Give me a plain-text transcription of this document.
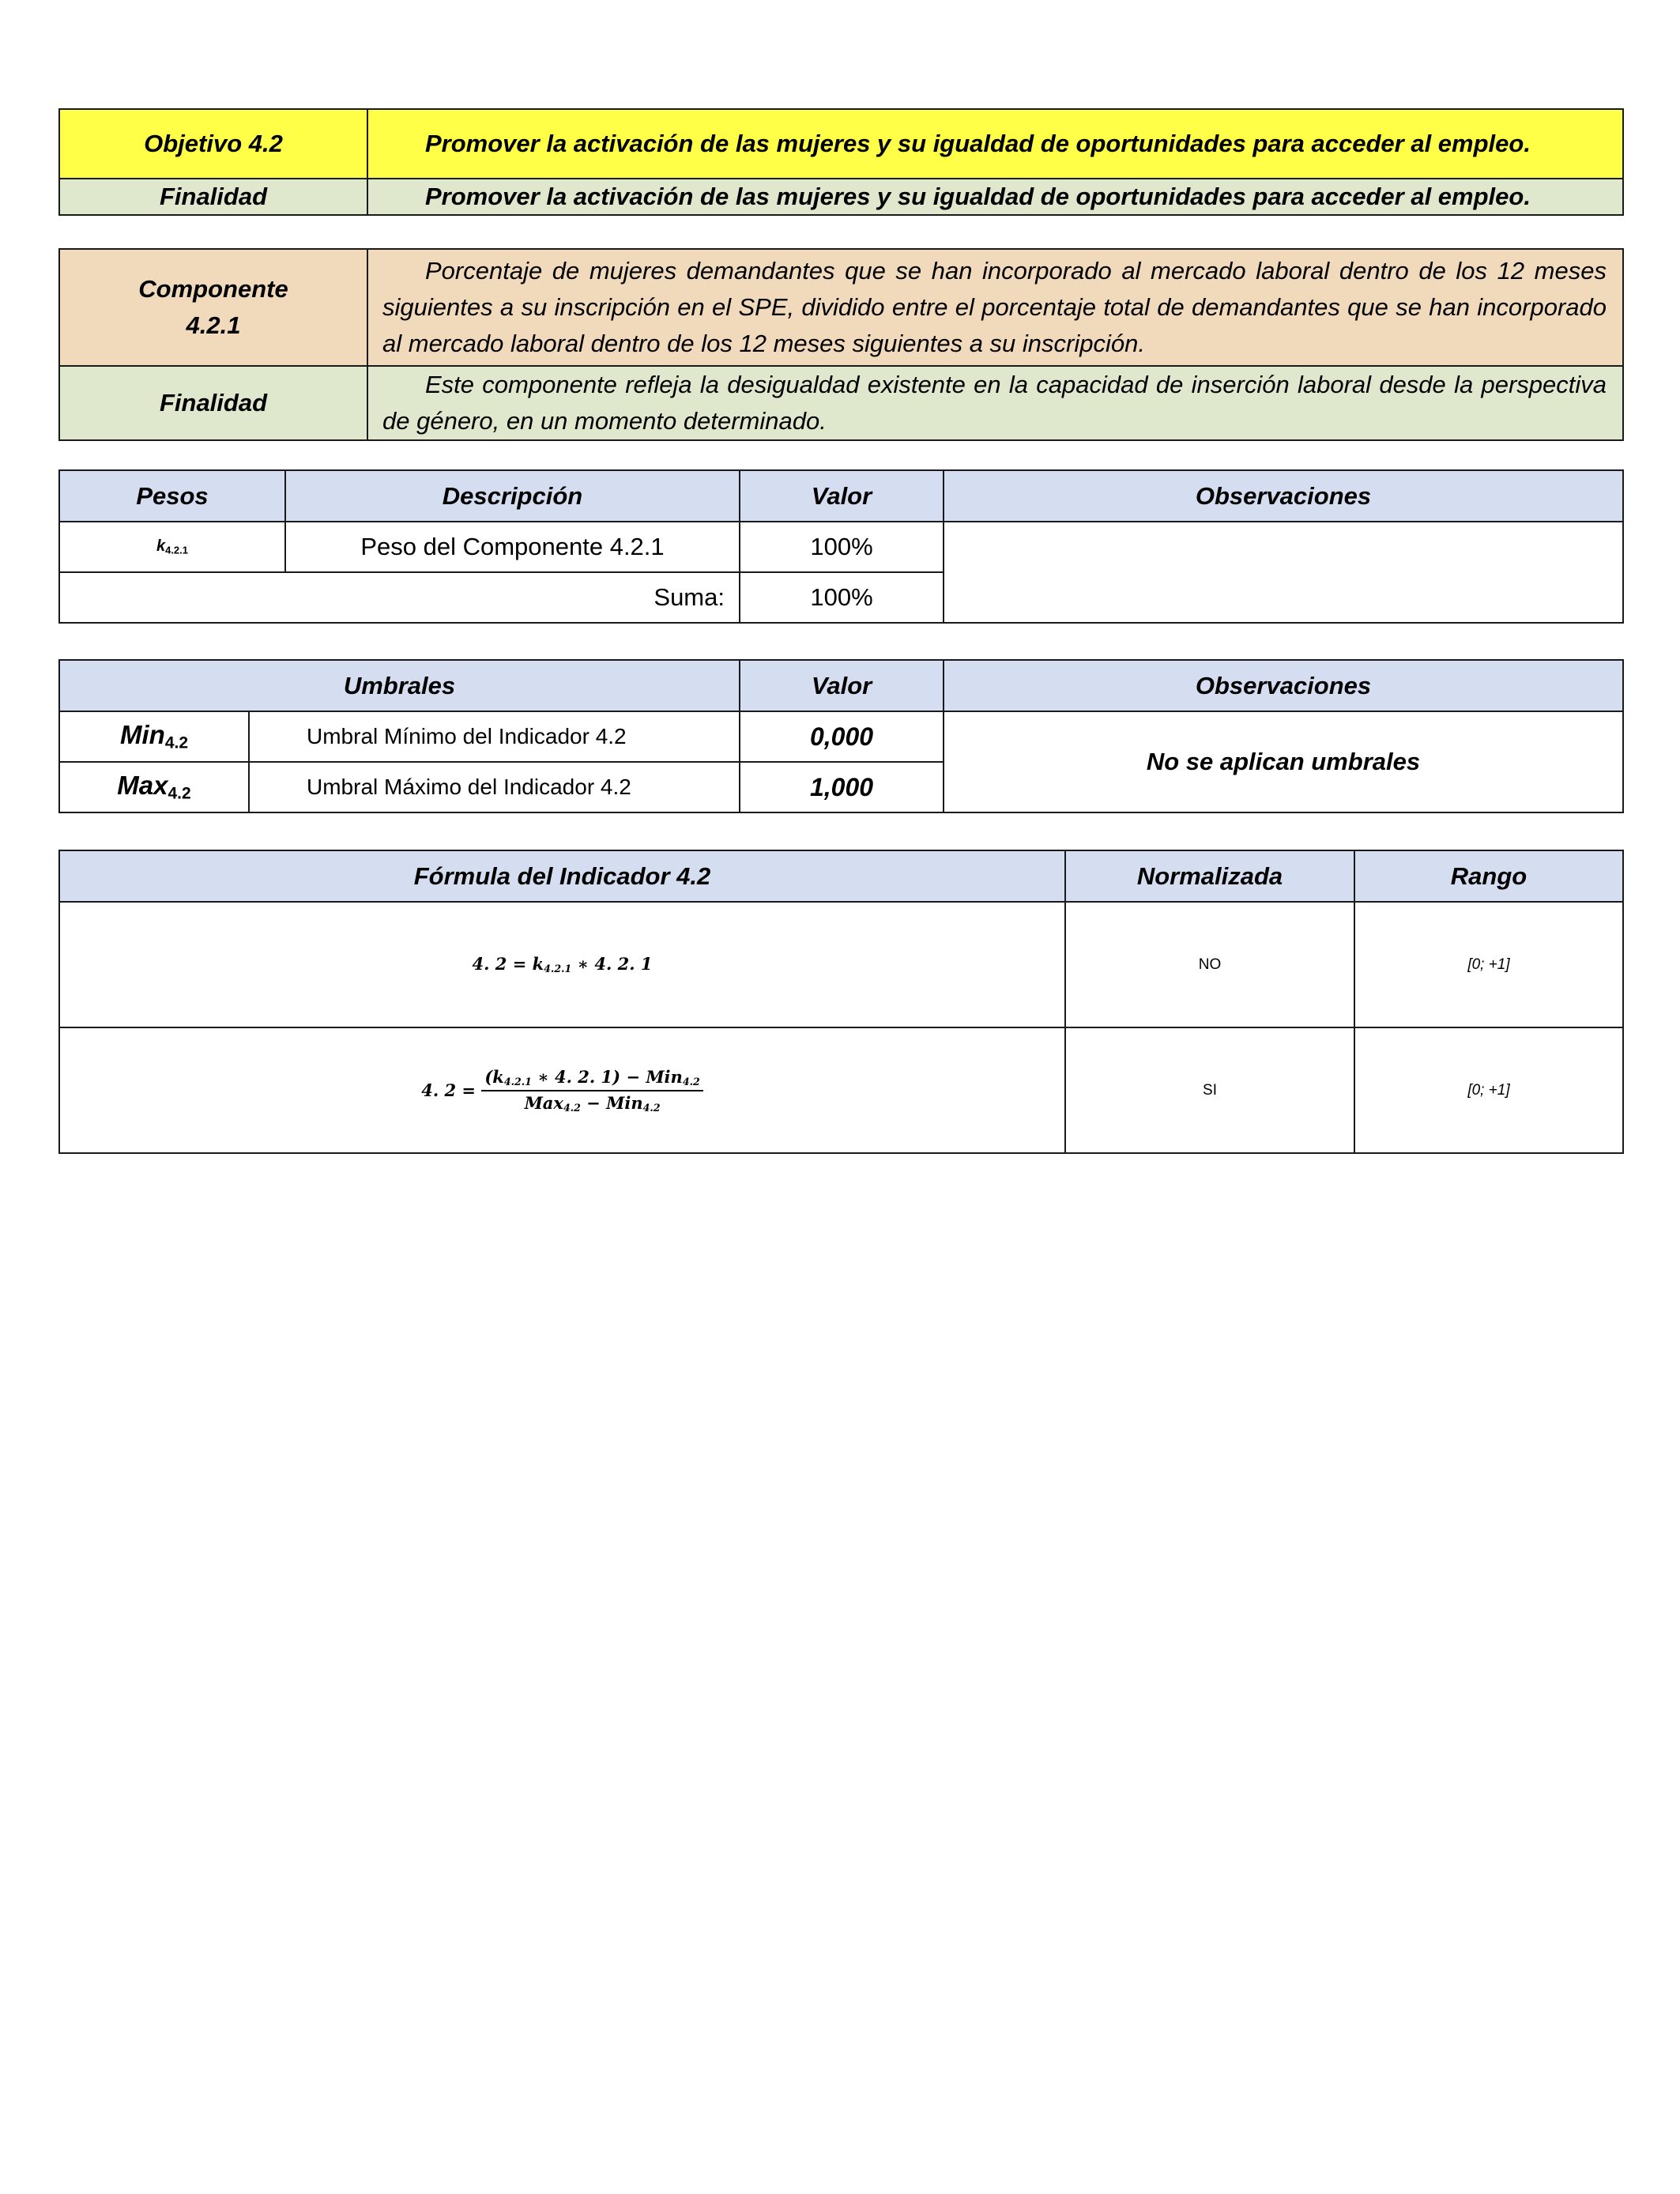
Objetivo 4.2	Promover la activación de las mujeres y su igualdad de oportunidades para acceder al empleo.
Finalidad	Promover la activación de las mujeres y su igualdad de oportunidades para acceder al empleo.
Componente
4.2.1	Porcentaje de mujeres demandantes que se han incorporado al mercado laboral dentro de los 12 meses siguientes a su inscripción en el SPE, dividido entre el porcentaje total de demandantes que se han incorporado al mercado laboral dentro de los 12 meses siguientes a su inscripción.
Finalidad	Este componente refleja la desigualdad existente en la capacidad de inserción laboral desde la perspectiva de género, en un momento determinado.
Pesos	Descripción	Valor	Observaciones
$k_{4.2.1}$	Peso del Componente 4.2.1	100%	
Suma:		100%	
Umbrales		Valor	Observaciones
Min$_{4.2}$	Umbral Mínimo del Indicador 4.2	0,000	No se aplican umbrales
Max$_{4.2}$	Umbral Máximo del Indicador 4.2	1,000	
Fórmula del Indicador 4.2	Normalizada	Rango
4. $2 = k_{4.2.1}$ ∗ 4. 2. 1	NO	[0; +1]
4. $2 = \frac{(k_{4.2.1} ∗ 4. 2. 1) - Min_{4.2}}{Max_{4.2} - Min_{4.2}}$	SI	[0; +1]
